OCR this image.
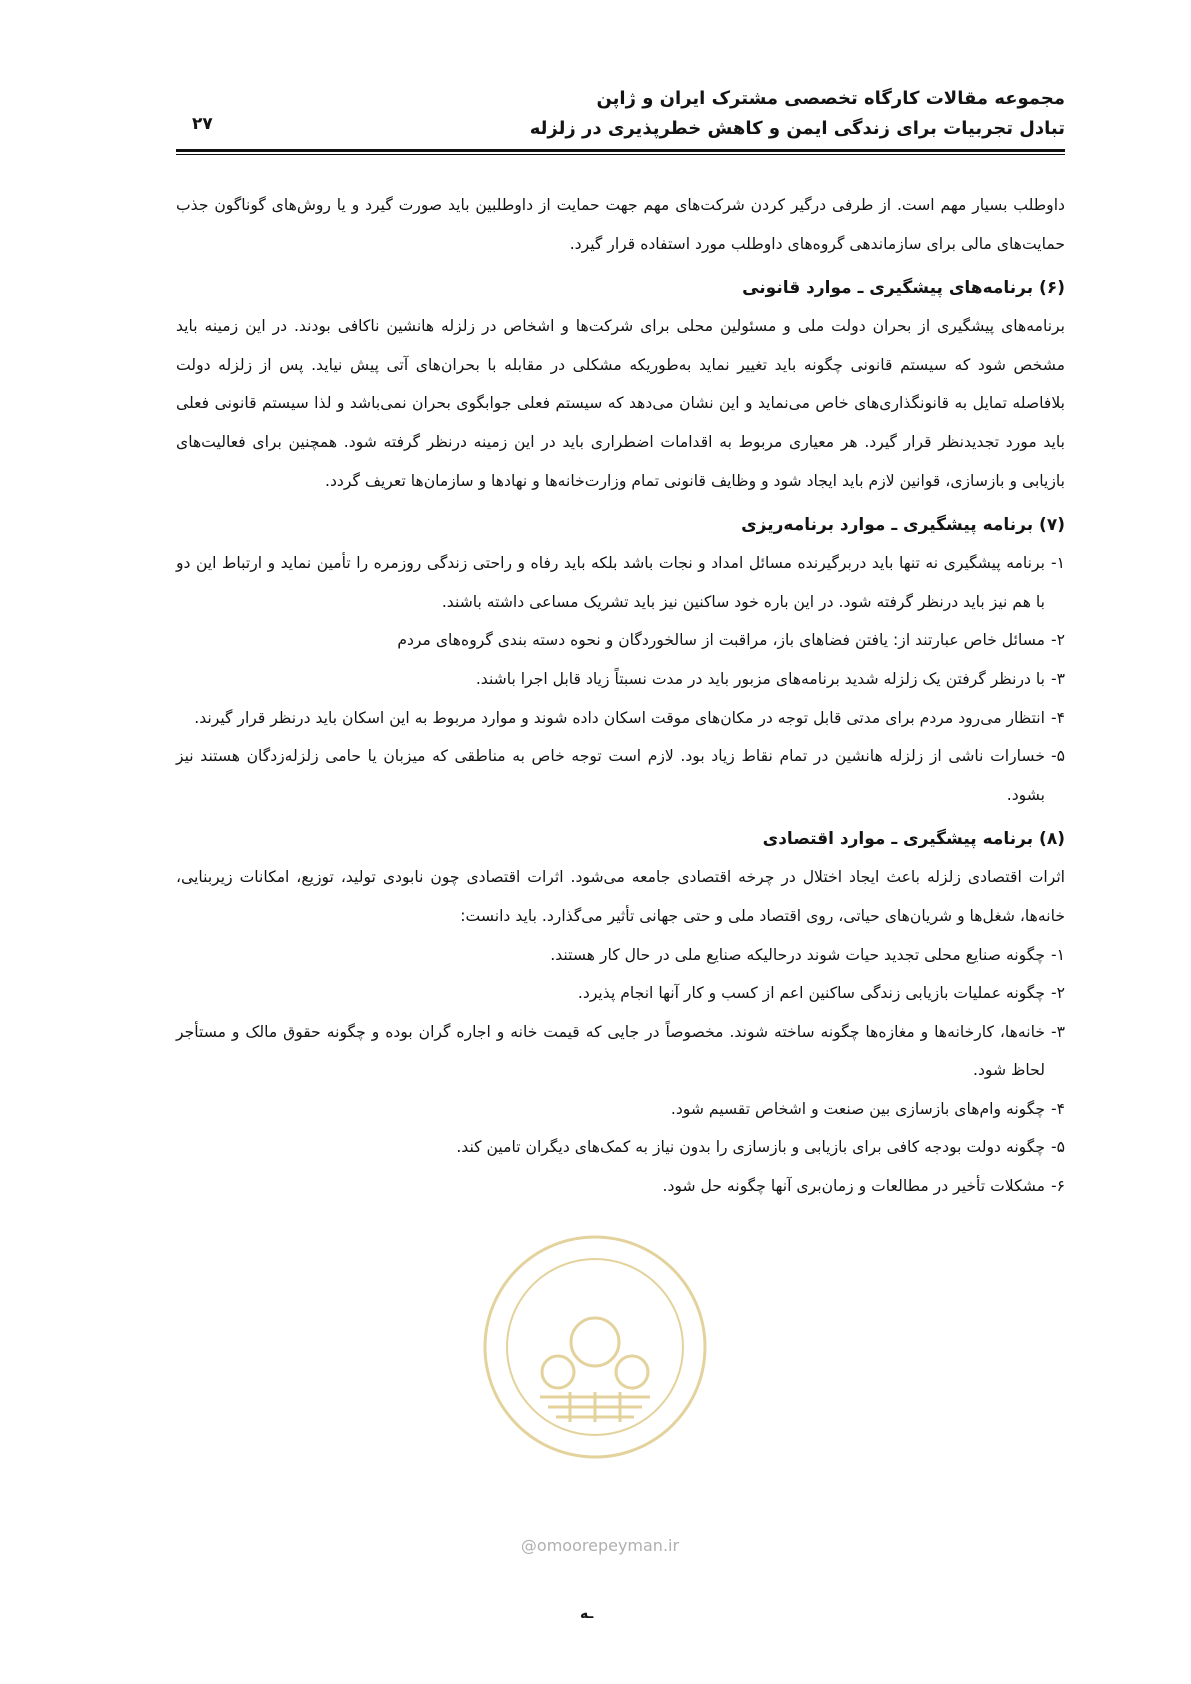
مجموعه مقالات کارگاه تخصصی مشترک ایران و ژاپن
تبادل تجربیات برای زندگی ایمن و کاهش خطرپذیری در زلزله
۲۷

داوطلب بسیار مهم است. از طرفی درگیر کردن شرکت‌های مهم جهت حمایت از داوطلبین باید صورت گیرد و یا روش‌های گوناگون جذب حمایت‌های مالی برای سازماندهی گروه‌های داوطلب مورد استفاده قرار گیرد.

(۶) برنامه‌های پیشگیری ـ موارد قانونی

برنامه‌های پیشگیری از بحران دولت ملی و مسئولین محلی برای شرکت‌ها و اشخاص در زلزله هانشین ناکافی بودند. در این زمینه باید مشخص شود که سیستم قانونی چگونه باید تغییر نماید به‌طوریکه مشکلی در مقابله با بحران‌های آتی پیش نیاید. پس از زلزله دولت بلافاصله تمایل به قانونگذاری‌های خاص می‌نماید و این نشان می‌دهد که سیستم فعلی جوابگوی بحران نمی‌باشد و لذا سیستم قانونی فعلی باید مورد تجدیدنظر قرار گیرد. هر معیاری مربوط به اقدامات اضطراری باید در این زمینه درنظر گرفته شود. همچنین برای فعالیت‌های بازیابی و بازسازی، قوانین لازم باید ایجاد شود و وظایف قانونی تمام وزارت‌خانه‌ها و نهادها و سازمان‌ها تعریف گردد.

(۷) برنامه پیشگیری ـ موارد برنامه‌ریزی
۱-
برنامه پیشگیری نه تنها باید دربرگیرنده مسائل امداد و نجات باشد بلکه باید رفاه و راحتی زندگی روزمره را تأمین نماید و ارتباط این دو با هم نیز باید درنظر گرفته شود. در این باره خود ساکنین نیز باید تشریک مساعی داشته باشند.
۲-
مسائل خاص عبارتند از: یافتن فضاهای باز، مراقبت از سالخوردگان و نحوه دسته بندی گروه‌های مردم
۳-
با درنظر گرفتن یک زلزله شدید برنامه‌های مزبور باید در مدت نسبتاً زیاد قابل اجرا باشند.
۴-
انتظار می‌رود مردم برای مدتی قابل توجه در مکان‌های موقت اسکان داده شوند و موارد مربوط به این اسکان باید درنظر قرار گیرند.
۵-
خسارات ناشی از زلزله هانشین در تمام نقاط زیاد بود. لازم است توجه خاص به مناطقی که میزبان یا حامی زلزله‌زدگان هستند نیز بشود.
(۸) برنامه پیشگیری ـ موارد اقتصادی

اثرات اقتصادی زلزله باعث ایجاد اختلال در چرخه اقتصادی جامعه می‌شود. اثرات اقتصادی چون نابودی تولید، توزیع، امکانات زیربنایی، خانه‌ها، شغل‌ها و شریان‌های حیاتی، روی اقتصاد ملی و حتی جهانی تأثیر می‌گذارد. باید دانست:

۱-
چگونه صنایع محلی تجدید حیات شوند درحالیکه صنایع ملی در حال کار هستند.
۲-
چگونه عملیات بازیابی زندگی ساکنین اعم از کسب و کار آنها انجام پذیرد.
۳-
خانه‌ها، کارخانه‌ها و مغازه‌ها چگونه ساخته شوند. مخصوصاً در جایی که قیمت خانه و اجاره گران بوده و چگونه حقوق مالک و مستأجر لحاظ شود.
۴-
چگونه وام‌های بازسازی بین صنعت و اشخاص تقسیم شود.
۵-
چگونه دولت بودجه کافی برای بازیابی و بازسازی را بدون نیاز به کمک‌های دیگران تامین کند.
۶-
مشکلات تأخیر در مطالعات و زمان‌بری آنها چگونه حل شود.
@omoorepeyman.ir
ـه
